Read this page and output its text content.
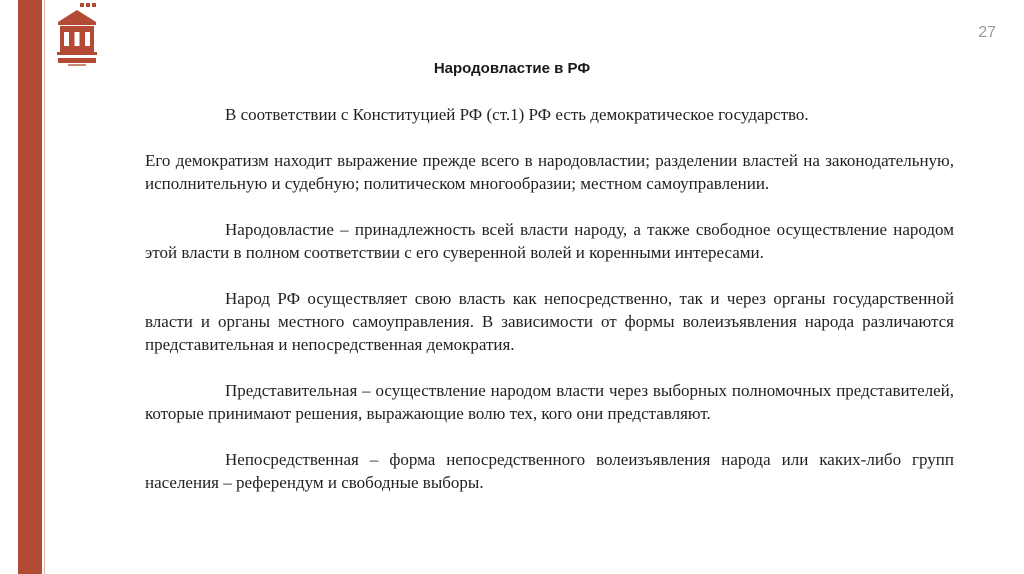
27
Народовластие в РФ

В соответствии с Конституцией РФ (ст.1) РФ есть демократическое государство.

Его демократизм находит выражение прежде всего в народовластии; разделении властей на законодательную, исполнительную и судебную; политическом многообразии; местном самоуправлении.

Народовластие – принадлежность всей власти народу, а также свободное осуществление народом этой власти в полном соответствии с его суверенной волей и коренными интересами.

Народ РФ осуществляет свою власть как непосредственно, так и через органы государственной власти и органы местного самоуправления. В зависимости от формы волеизъявления народа различаются представительная и непосредственная демократия.

Представительная – осуществление народом власти через выборных полномочных представителей, которые принимают решения, выражающие волю тех, кого они представляют.

Непосредственная – форма непосредственного волеизъявления народа или каких-либо групп населения – референдум и свободные выборы.
